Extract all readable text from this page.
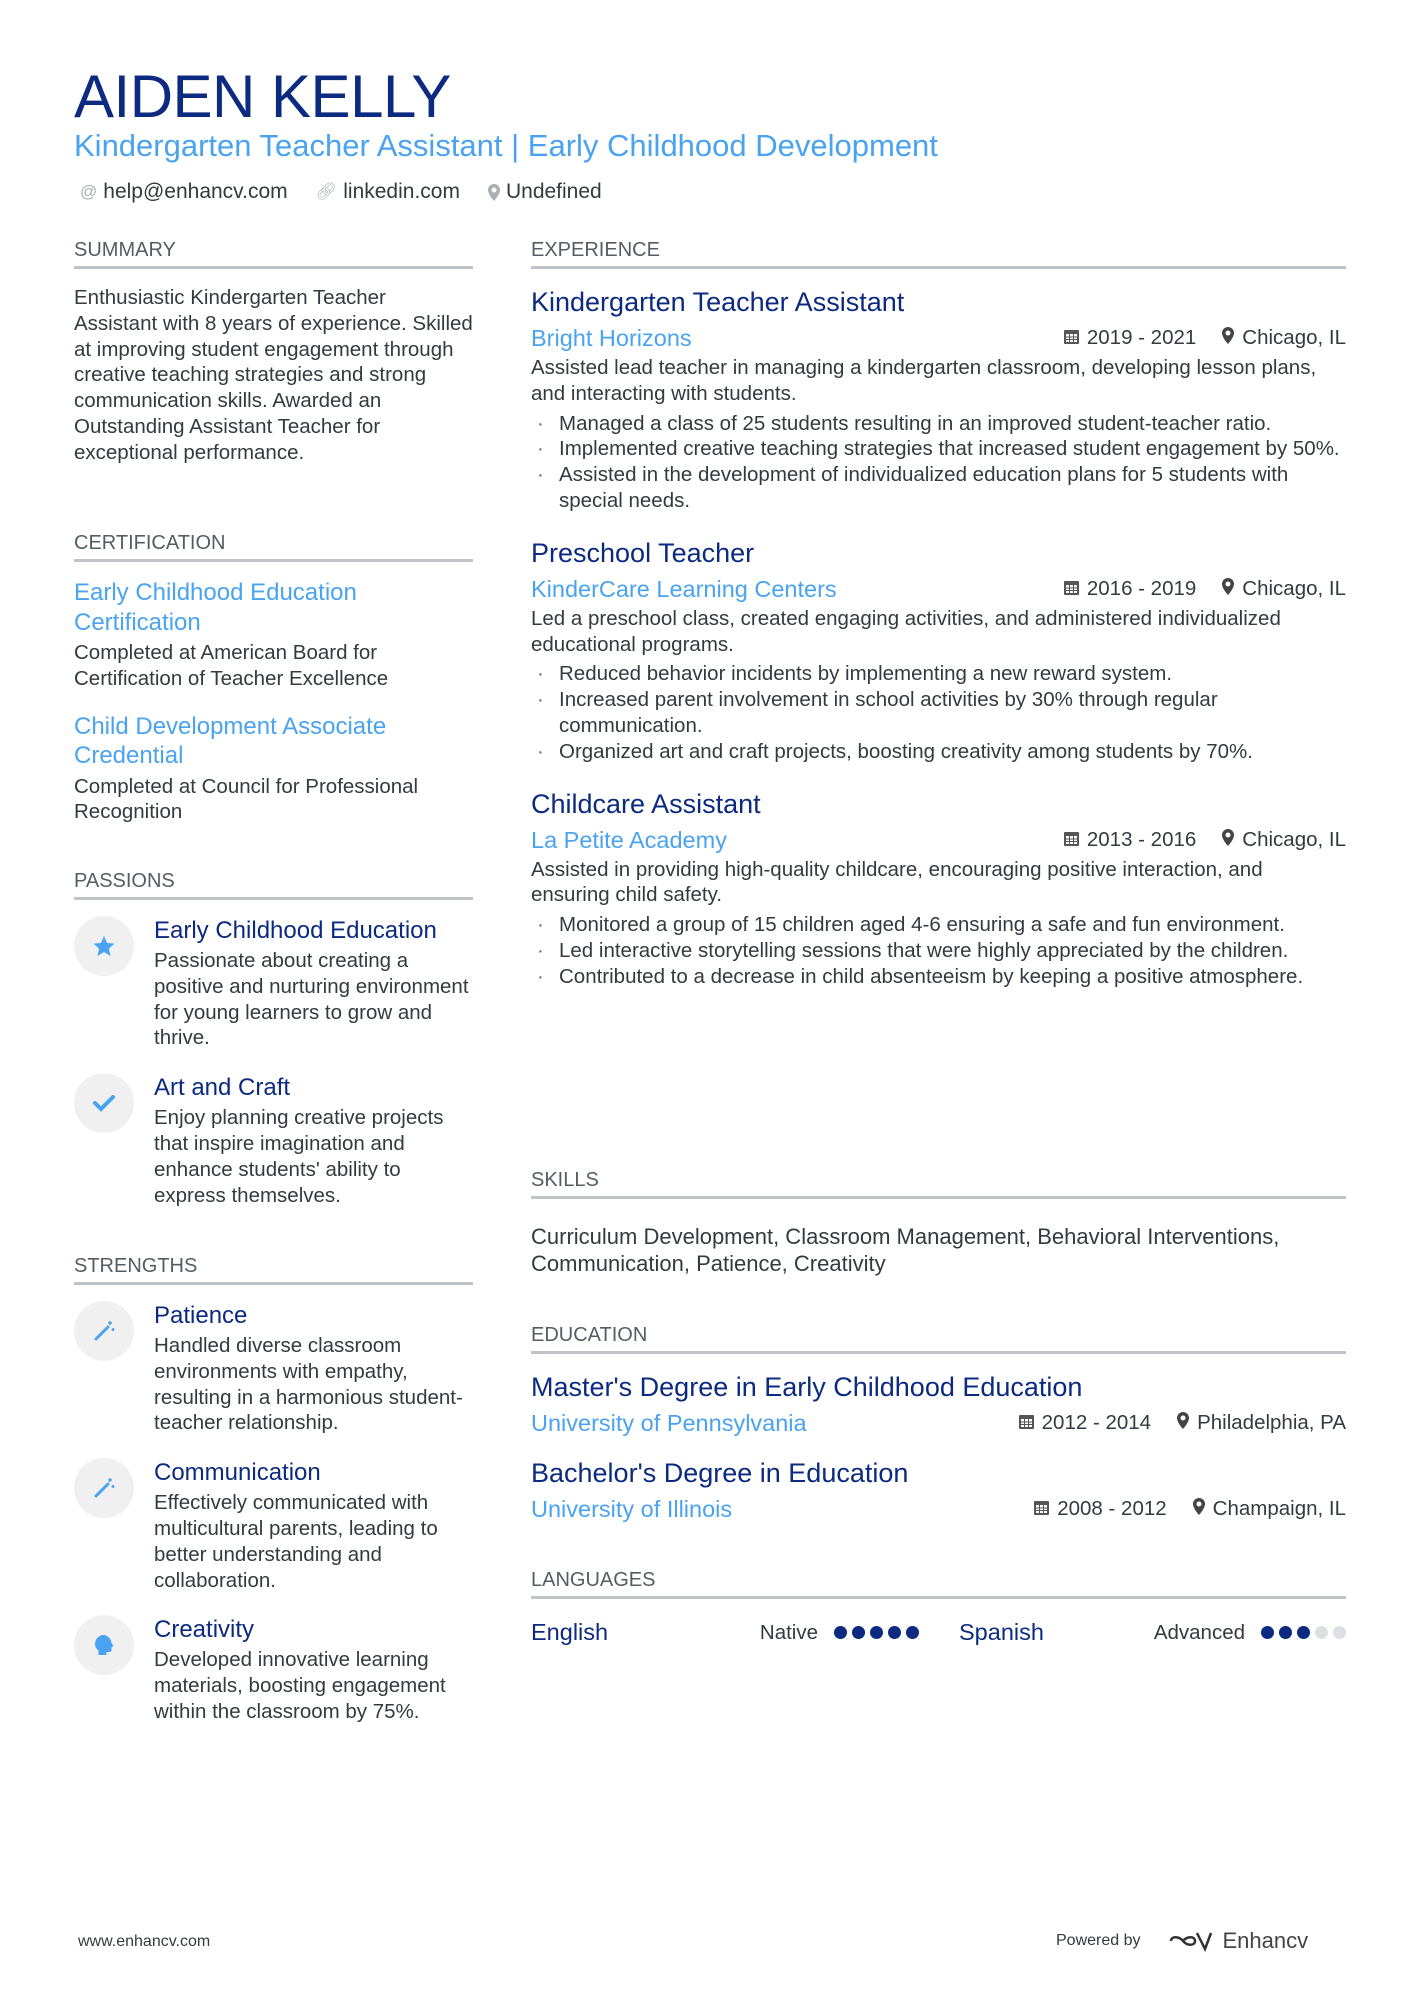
AIDEN KELLY
Kindergarten Teacher Assistant | Early Childhood Development
@ help@enhancv.com 🔗︎ linkedin.com Undefined
SUMMARY
Enthusiastic Kindergarten Teacher Assistant with 8 years of experience. Skilled at improving student engagement through creative teaching strategies and strong communication skills. Awarded an Outstanding Assistant Teacher for exceptional performance.
CERTIFICATION
Early Childhood Education Certification
Completed at American Board for Certification of Teacher Excellence
Child Development Associate Credential
Completed at Council for Professional Recognition
PASSIONS
Early Childhood Education
Passionate about creating a positive and nurturing environment for young learners to grow and thrive.
Art and Craft
Enjoy planning creative projects that inspire imagination and enhance students' ability to express themselves.
STRENGTHS
Patience
Handled diverse classroom environments with empathy, resulting in a harmonious student-teacher relationship.
Communication
Effectively communicated with multicultural parents, leading to better understanding and collaboration.
Creativity
Developed innovative learning materials, boosting engagement within the classroom by 75%.
EXPERIENCE
Kindergarten Teacher Assistant
Bright Horizons	2019 - 2021 Chicago, IL
Assisted lead teacher in managing a kindergarten classroom, developing lesson plans, and interacting with students.
· Managed a class of 25 students resulting in an improved student-teacher ratio.
· Implemented creative teaching strategies that increased student engagement by 50%.
· Assisted in the development of individualized education plans for 5 students with special needs.
Preschool Teacher
KinderCare Learning Centers	2016 - 2019 Chicago, IL
Led a preschool class, created engaging activities, and administered individualized educational programs.
· Reduced behavior incidents by implementing a new reward system.
· Increased parent involvement in school activities by 30% through regular communication.
· Organized art and craft projects, boosting creativity among students by 70%.
Childcare Assistant
La Petite Academy	2013 - 2016 Chicago, IL
Assisted in providing high-quality childcare, encouraging positive interaction, and ensuring child safety.
· Monitored a group of 15 children aged 4-6 ensuring a safe and fun environment.
· Led interactive storytelling sessions that were highly appreciated by the children.
· Contributed to a decrease in child absenteeism by keeping a positive atmosphere.
SKILLS
Curriculum Development, Classroom Management, Behavioral Interventions, Communication, Patience, Creativity
EDUCATION
Master's Degree in Early Childhood Education
University of Pennsylvania	2012 - 2014 Philadelphia, PA
Bachelor's Degree in Education
University of Illinois	2008 - 2012 Champaign, IL
LANGUAGES
English	Native	Spanish	Advanced
www.enhancv.com	Powered by	Enhancv
